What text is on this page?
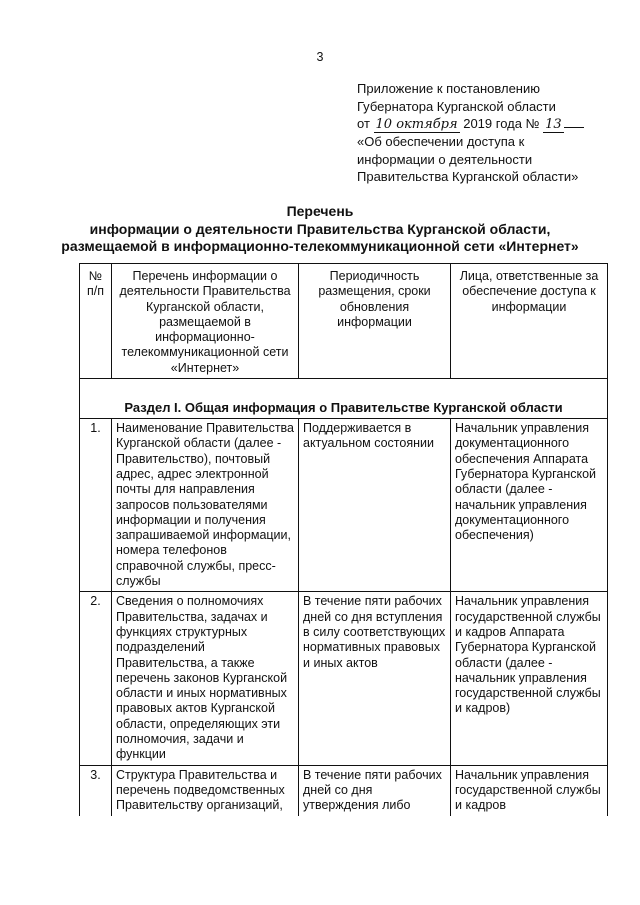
3
Приложение к постановлению
Губернатора Курганской области
от 10 октября 2019 года № 13
«Об обеспечении доступа к
информации о деятельности
Правительства Курганской области»
Перечень
информации о деятельности Правительства Курганской области,
размещаемой в информационно-телекоммуникационной сети «Интернет»
№ п/п	Перечень информации о деятельности Правительства Курганской области, размещаемой в информационно-телекоммуникационной сети «Интернет»	Периодичность размещения, сроки обновления информации	Лица, ответственные за обеспечение доступа к информации
Раздел I. Общая информация о Правительстве Курганской области			
1.	Наименование Правительства Курганской области (далее - Правительство), почтовый адрес, адрес электронной почты для направления запросов пользователями информации и получения запрашиваемой информации, номера телефонов справочной службы, пресс-службы	Поддерживается в актуальном состоянии	Начальник управления документационного обеспечения Аппарата Губернатора Курганской области (далее - начальник управления документационного обеспечения)
2.	Сведения о полномочиях Правительства, задачах и функциях структурных подразделений Правительства, а также перечень законов Курганской области и иных нормативных правовых актов Курганской области, определяющих эти полномочия, задачи и функции	В течение пяти рабочих дней со дня вступления в силу соответствующих нормативных правовых и иных актов	Начальник управления государственной службы и кадров Аппарата Губернатора Курганской области (далее - начальник управления государственной службы и кадров)
3.	Структура Правительства и перечень подведомственных Правительству организаций,	В течение пяти рабочих дней со дня утверждения либо	Начальник управления государственной службы и кадров
